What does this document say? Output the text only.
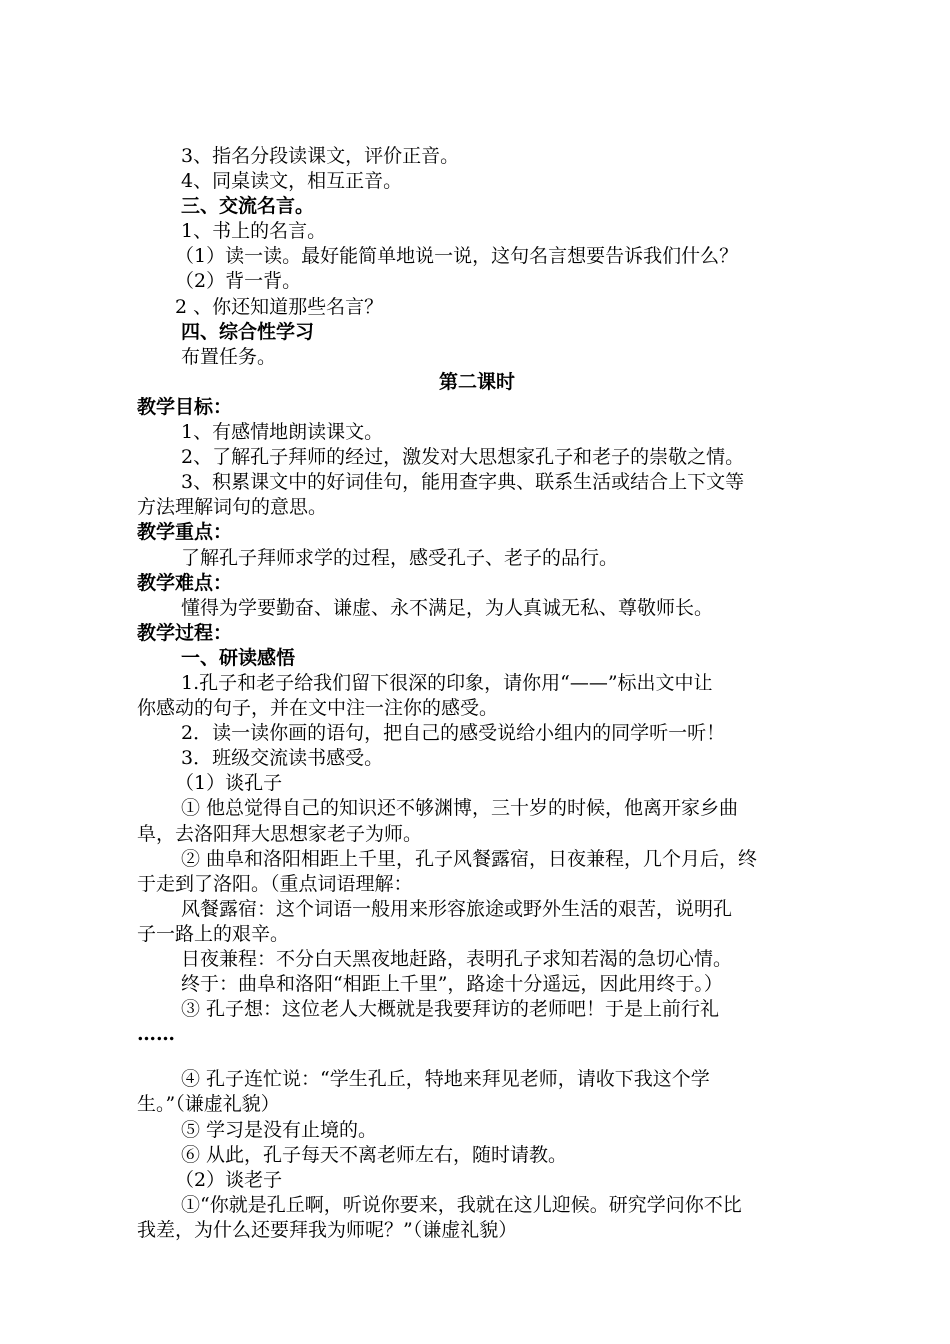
3、指名分段读课文，评价正音。
4、同桌读文，相互正音。
三、交流名言。
1、书上的名言。
（1）读一读。最好能简单地说一说，这句名言想要告诉我们什么？
（2）背一背。
2 、你还知道那些名言？
四、综合性学习
布置任务。
第二课时
教学目标：
1、有感情地朗读课文。
2、了解孔子拜师的经过，激发对大思想家孔子和老子的崇敬之情。
3、积累课文中的好词佳句，能用查字典、联系生活或结合上下文等
方法理解词句的意思。
教学重点：
了解孔子拜师求学的过程，感受孔子、老子的品行。
教学难点：
懂得为学要勤奋、谦虚、永不满足，为人真诚无私、尊敬师长。
教学过程：
一、研读感悟
1.孔子和老子给我们留下很深的印象，请你用“——”标出文中让
你感动的句子，并在文中注一注你的感受。
2．读一读你画的语句，把自己的感受说给小组内的同学听一听！
3．班级交流读书感受。
（1）谈孔子
① 他总觉得自己的知识还不够渊博，三十岁的时候，他离开家乡曲
阜，去洛阳拜大思想家老子为师。
② 曲阜和洛阳相距上千里，孔子风餐露宿，日夜兼程，几个月后，终
于走到了洛阳。（重点词语理解：
风餐露宿：这个词语一般用来形容旅途或野外生活的艰苦，说明孔
子一路上的艰辛。
日夜兼程：不分白天黑夜地赶路，表明孔子求知若渴的急切心情。
终于：曲阜和洛阳“相距上千里”，路途十分遥远，因此用终于。）
③ 孔子想：这位老人大概就是我要拜访的老师吧！于是上前行礼
……
④ 孔子连忙说：“学生孔丘，特地来拜见老师，请收下我这个学
生。”（谦虚礼貌）
⑤ 学习是没有止境的。
⑥ 从此，孔子每天不离老师左右，随时请教。
（2）谈老子
①“你就是孔丘啊，听说你要来，我就在这儿迎候。研究学问你不比
我差，为什么还要拜我为师呢？”（谦虚礼貌）
